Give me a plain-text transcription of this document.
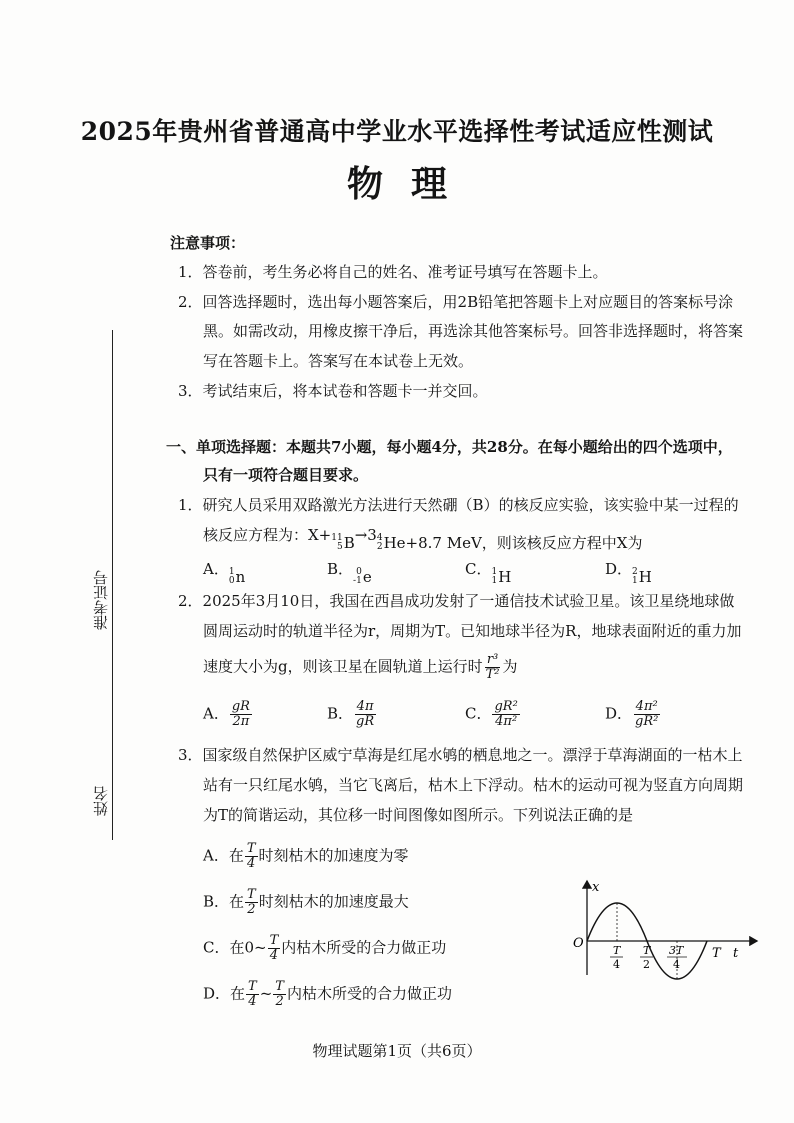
准考证号
姓名
2025年贵州省普通高中学业水平选择性考试适应性测试
物理
注意事项：
1．答卷前，考生务必将自己的姓名、准考证号填写在答题卡上。
2．回答选择题时，选出每小题答案后，用2B铅笔把答题卡上对应题目的答案标号涂
黑。如需改动，用橡皮擦干净后，再选涂其他答案标号。回答非选择题时，将答案
写在答题卡上。答案写在本试卷上无效。
3．考试结束后，将本试卷和答题卡一并交回。
一、单项选择题：本题共7小题，每小题4分，共28分。在每小题给出的四个选项中，
只有一项符合题目要求。
1．研究人员采用双路激光方法进行天然硼（B）的核反应实验，该实验中某一过程的
核反应方程为：X+ 11
5 B →3 4
2 He+8.7 MeV，则该核反应方程中X为
A． 1
0 n	B． 0
-1 e	C． 1
1 H	D． 2
1 H
2．2025年3月10日，我国在西昌成功发射了一通信技术试验卫星。该卫星绕地球做
圆周运动时的轨道半径为r，周期为T。已知地球半径为R，地球表面附近的重力加
速度大小为g，则该卫星在圆轨道上运行时 $\frac{\text{r³}}{\text{T²}}$ 为
A． $\frac{gR}{2\pi}$	B． $\frac{4\pi}{gR}$	C． $\frac{\text{gR²}}{\text{4π²}}$	D． $\frac{\text{4π²}}{\text{gR²}}$
3．国家级自然保护区威宁草海是红尾水鸲的栖息地之一。漂浮于草海湖面的一枯木上
站有一只红尾水鸲，当它飞离后，枯木上下浮动。枯木的运动可视为竖直方向周期
为T的简谐运动，其位移一时间图像如图所示。下列说法正确的是
A．在 $\frac{T}{4}$ 时刻枯木的加速度为零
B．在 $\frac{T}{2}$ 时刻枯木的加速度最大
C．在0~ $\frac{T}{4}$ 内枯木所受的合力做正功
D．在 $\frac{T}{4}$ ~ $\frac{T}{2}$ 内枯木所受的合力做正功
x
O
t
T
T
4
T
2
3T
4
物理试题第1页（共6页）
